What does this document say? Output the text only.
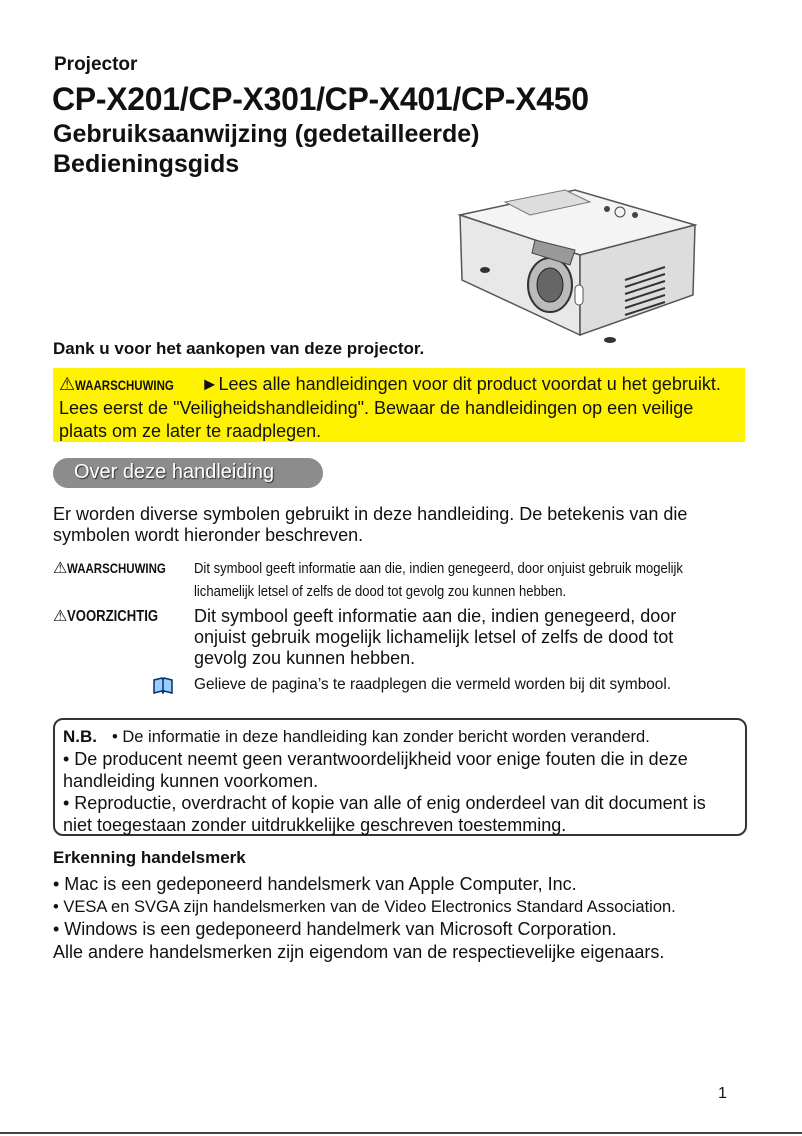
Projector
CP-X201/CP-X301/CP-X401/CP-X450
Gebruiksaanwijzing (gedetailleerde)
Bedieningsgids
Dank u voor het aankopen van deze projector.
⚠WAARSCHUWING ►Lees alle handleidingen voor dit product voordat u het gebruikt. Lees eerst de "Veiligheidshandleiding". Bewaar de handleidingen op een veilige plaats om ze later te raadplegen.
Over deze handleiding
Er worden diverse symbolen gebruikt in deze handleiding. De betekenis van die symbolen wordt hieronder beschreven.
⚠WAARSCHUWING	Dit symbool geeft informatie aan die, indien genegeerd, door onjuist gebruik mogelijk lichamelijk letsel of zelfs de dood tot gevolg zou kunnen hebben.
⚠VOORZICHTIG	Dit symbool geeft informatie aan die, indien genegeerd, door onjuist gebruik mogelijk lichamelijk letsel of zelfs de dood tot gevolg zou kunnen hebben.
Gelieve de pagina’s te raadplegen die vermeld worden bij dit symbool.
N.B. • De informatie in deze handleiding kan zonder bericht worden veranderd.
• De producent neemt geen verantwoordelijkheid voor enige fouten die in deze handleiding kunnen voorkomen.
• Reproductie, overdracht of kopie van alle of enig onderdeel van dit document is niet toegestaan zonder uitdrukkelijke geschreven toestemming.
Erkenning handelsmerk
• Mac is een gedeponeerd handelsmerk van Apple Computer, Inc.
• VESA en SVGA zijn handelsmerken van de Video Electronics Standard Association.
• Windows is een gedeponeerd handelmerk van Microsoft Corporation.
Alle andere handelsmerken zijn eigendom van de respectievelijke eigenaars.
1
